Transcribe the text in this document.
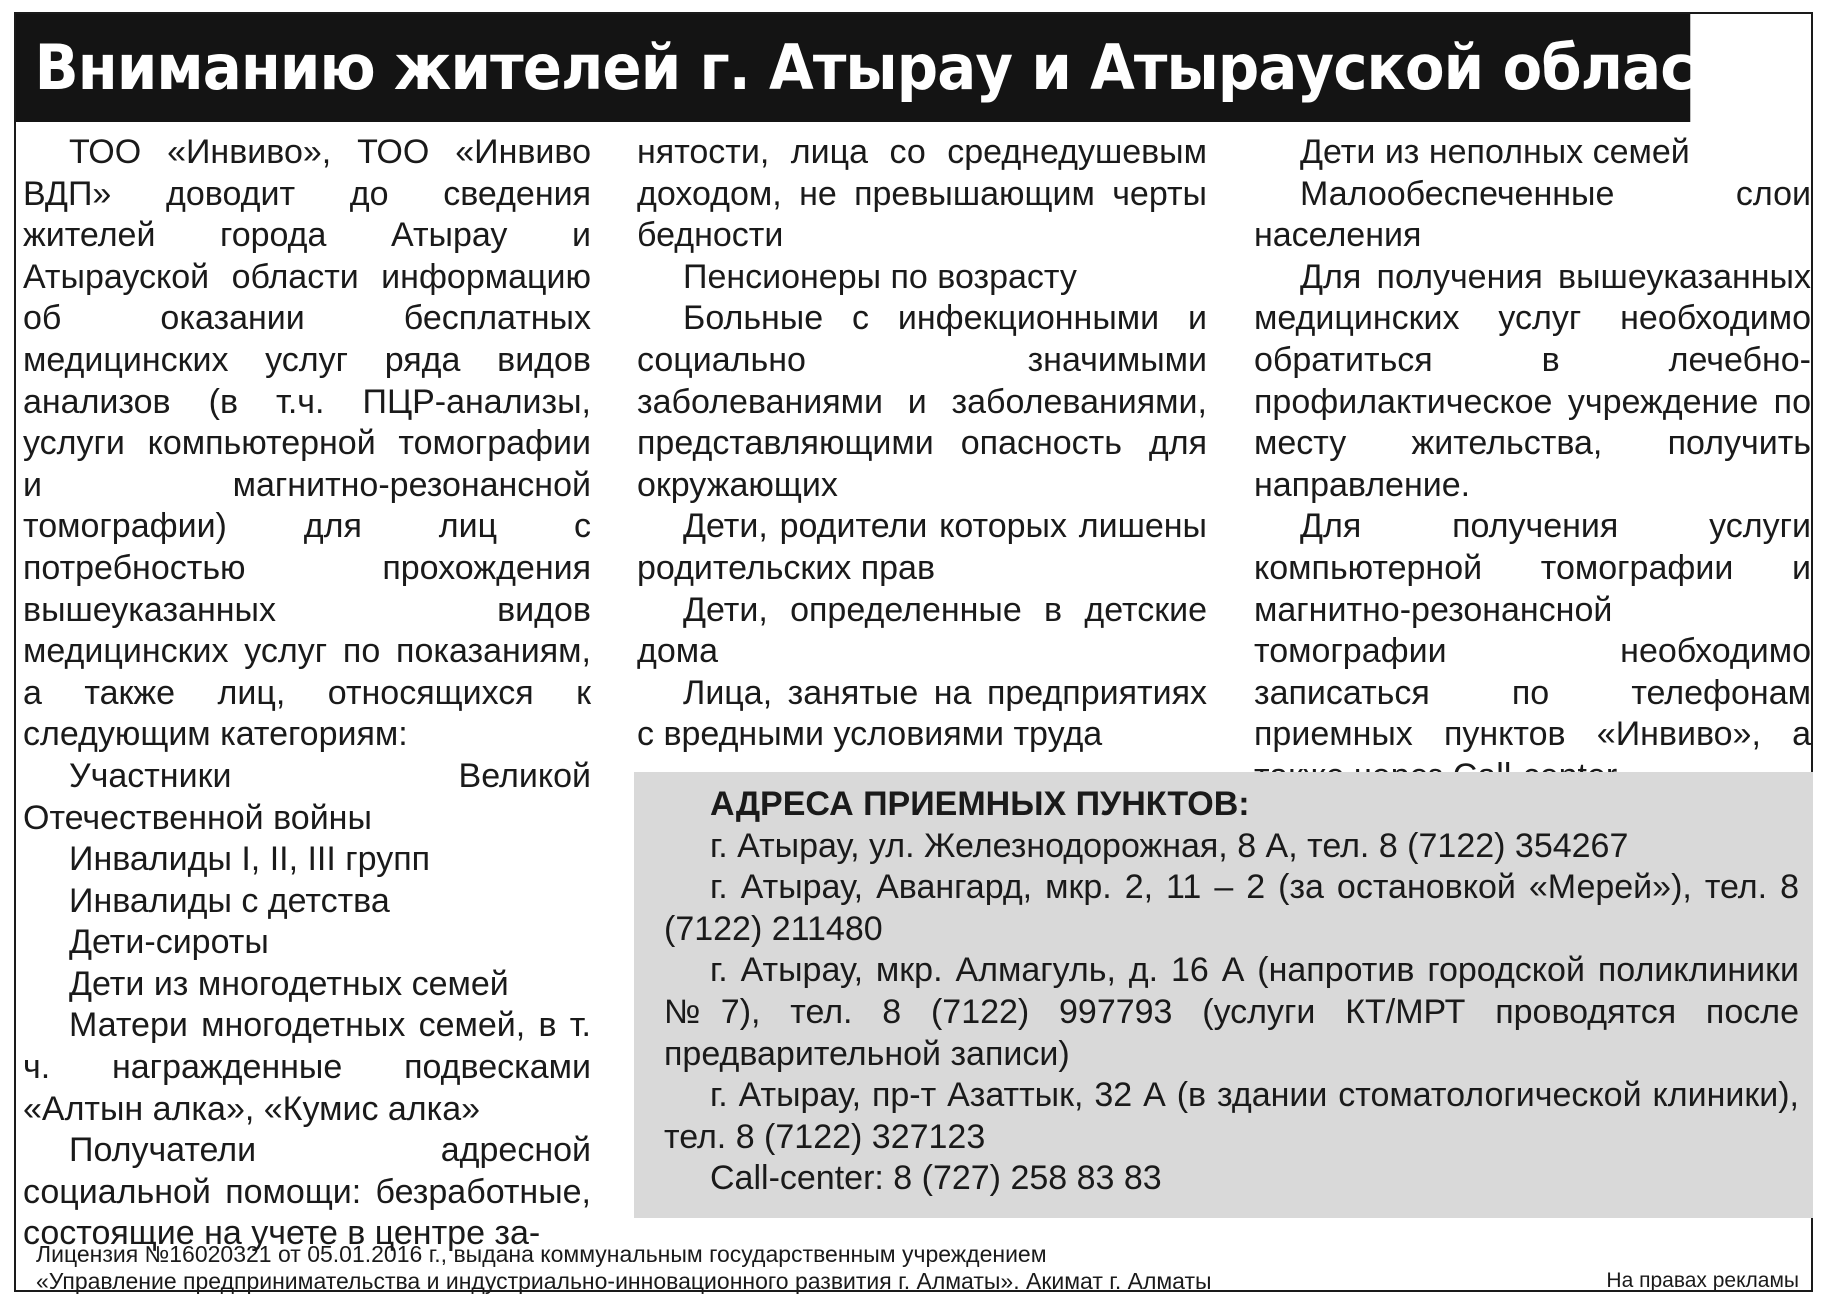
Вниманию жителей г. Атырау и Атырауской области!

ТОО «Инвиво», ТОО «Инвиво ВДП» доводит до сведения жителей города Атырау и Атырауской области информацию об оказании бесплатных медицинских услуг ряда видов анализов (в т.ч. ПЦР-анализы, услуги компьютерной томографии и магнитно-резонансной томографии) для лиц с потребностью прохождения вышеуказанных видов медицинских услуг по показаниям, а также лиц, относящихся к следующим категориям:

Участники Великой Отечественной войны

Инвалиды I, II, III групп

Инвалиды с детства

Дети-сироты

Дети из многодетных семей

Матери многодетных семей, в т. ч. награжденные подвесками «Алтын алка», «Кумис алка»

Получатели адресной социальной помощи: безработные, состоящие на учете в центре за-

нятости, лица со среднедушевым доходом, не превышающим черты бедности

Пенсионеры по возрасту

Больные с инфекционными и социально значимыми заболеваниями и заболеваниями, представляющими опасность для окружающих

Дети, родители которых лишены родительских прав

Дети, определенные в детские дома

Лица, занятые на предприятиях с вредными условиями труда

Дети из неполных семей

Малообеспеченные слои населения

Для получения вышеуказанных медицинских услуг необходимо обратиться в лечебно-профилактическое учреждение по месту жительства, получить направление.

Для получения услуги компьютерной томографии и магнитно-резонансной томографии необходимо записаться по телефонам приемных пунктов «Инвиво», а

АДРЕСА ПРИЕМНЫХ ПУНКТОВ:

г. Атырау, ул. Железнодорожная, 8 А, тел. 8 (7122) 354267

г. Атырау, Авангард, мкр. 2, 11 – 2 (за остановкой «Мерей»), тел. 8 (7122) 211480

г. Атырау, мкр. Алмагуль, д. 16 А (напротив городской поликлиники №7), тел. 8 (7122) 997793 (услуги КТ/МРТ проводятся после предварительной записи)

г. Атырау, пр-т Азаттык, 32 А (в здании стоматологической клиники), тел. 8 (7122) 327123

Call-center: 8 (727) 258 83 83

Лицензия №16020321 от 05.01.2016 г., выдана коммунальным государственным учреждением
«Управление предпринимательства и индустриально-инновационного развития г. Алматы». Акимат г. Алматы	На правах рекламы
